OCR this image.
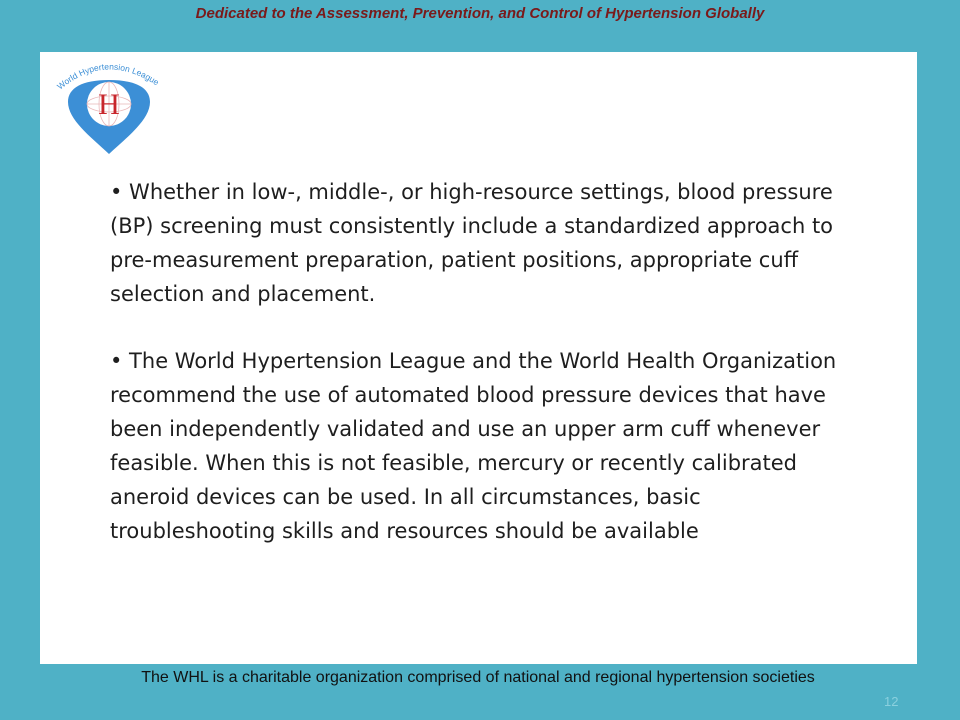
Dedicated to the Assessment, Prevention, and Control of Hypertension Globally
World Hypertension League
H

• Whether in low-, middle-, or high-resource settings, blood pressure (BP) screening must consistently include a standardized approach to pre-measurement preparation, patient positions, appropriate cuff selection and placement.

• The World Hypertension League and the World Health Organization recommend the use of automated blood pressure devices that have been independently validated and use an upper arm cuff whenever feasible. When this is not feasible, mercury or recently calibrated aneroid devices can be used. In all circumstances, basic troubleshooting skills and resources should be available

The WHL is a charitable organization comprised of national and regional hypertension societies
12
